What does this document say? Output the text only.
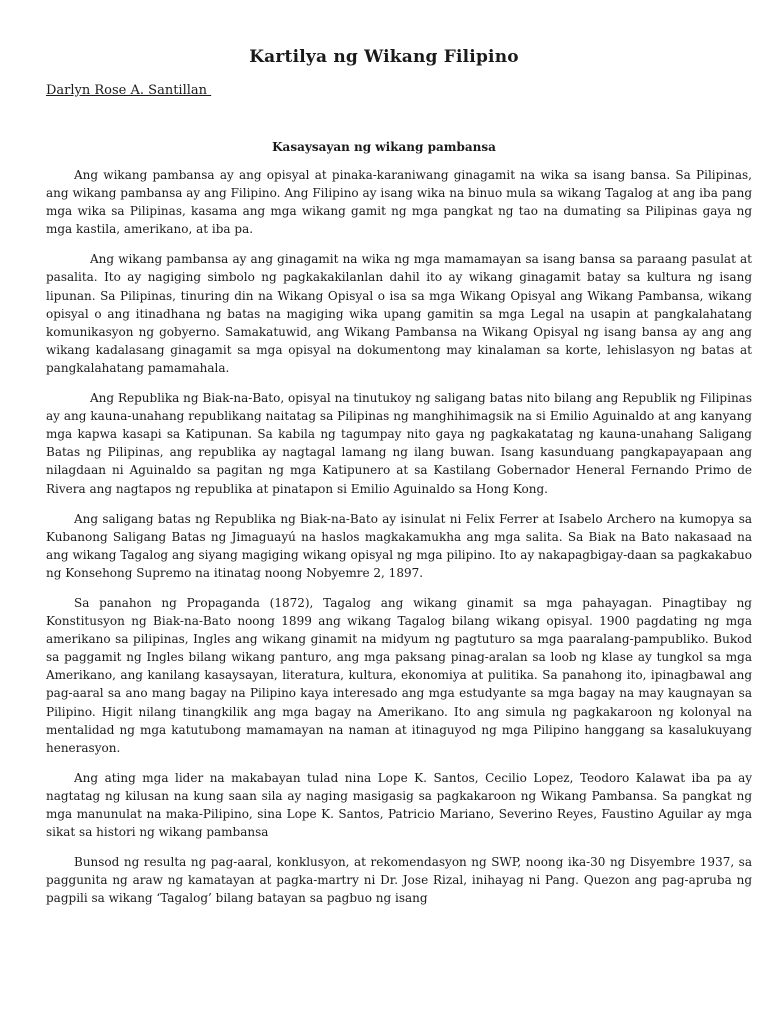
Kartilya ng Wikang Filipino
Darlyn Rose A. Santillan
Kasaysayan ng wikang pambansa

Ang wikang pambansa ay ang opisyal at pinaka-karaniwang ginagamit na wika sa isang bansa. Sa Pilipinas, ang wikang pambansa ay ang Filipino. Ang Filipino ay isang wika na binuo mula sa wikang Tagalog at ang iba pang mga wika sa Pilipinas, kasama ang mga wikang gamit ng mga pangkat ng tao na dumating sa Pilipinas gaya ng mga kastila, amerikano, at iba pa.

Ang wikang pambansa ay ang ginagamit na wika ng mga mamamayan sa isang bansa sa paraang pasulat at pasalita. Ito ay nagiging simbolo ng pagkakakilanlan dahil ito ay wikang ginagamit batay sa kultura ng isang lipunan. Sa Pilipinas, tinuring din na Wikang Opisyal o isa sa mga Wikang Opisyal ang Wikang Pambansa, wikang opisyal o ang itinadhana ng batas na magiging wika upang gamitin sa mga Legal na usapin at pangkalahatang komunikasyon ng gobyerno. Samakatuwid, ang Wikang Pambansa na Wikang Opisyal ng isang bansa ay ang ang wikang kadalasang ginagamit sa mga opisyal na dokumentong may kinalaman sa korte, lehislasyon ng batas at pangkalahatang pamamahala.

Ang Republika ng Biak-na-Bato, opisyal na tinutukoy ng saligang batas nito bilang ang Republik ng Filipinas ay ang kauna-unahang republikang naitatag sa Pilipinas ng manghihimagsik na si Emilio Aguinaldo at ang kanyang mga kapwa kasapi sa Katipunan. Sa kabila ng tagumpay nito gaya ng pagkakatatag ng kauna-unahang Saligang Batas ng Pilipinas, ang republika ay nagtagal lamang ng ilang buwan. Isang kasunduang pangkapayapaan ang nilagdaan ni Aguinaldo sa pagitan ng mga Katipunero at sa Kastilang Gobernador Heneral Fernando Primo de Rivera ang nagtapos ng republika at pinatapon si Emilio Aguinaldo sa Hong Kong.

Ang saligang batas ng Republika ng Biak-na-Bato ay isinulat ni Felix Ferrer at Isabelo Archero na kumopya sa Kubanong Saligang Batas ng Jimaguayú na haslos magkakamukha ang mga salita. Sa Biak na Bato nakasaad na ang wikang Tagalog ang siyang magiging wikang opisyal ng mga pilipino. Ito ay nakapagbigay-daan sa pagkakabuo ng Konsehong Supremo na itinatag noong Nobyemre 2, 1897.

Sa panahon ng Propaganda (1872), Tagalog ang wikang ginamit sa mga pahayagan. Pinagtibay ng Konstitusyon ng Biak-na-Bato noong 1899 ang wikang Tagalog bilang wikang opisyal. 1900 pagdating ng mga amerikano sa pilipinas, Ingles ang wikang ginamit na midyum ng pagtuturo sa mga paaralang-pampubliko. Bukod sa paggamit ng Ingles bilang wikang panturo, ang mga paksang pinag-aralan sa loob ng klase ay tungkol sa mga Amerikano, ang kanilang kasaysayan, literatura, kultura, ekonomiya at pulitika. Sa panahong ito, ipinagbawal ang pag-aaral sa ano mang bagay na Pilipino kaya interesado ang mga estudyante sa mga bagay na may kaugnayan sa Pilipino. Higit nilang tinangkilik ang mga bagay na Amerikano. Ito ang simula ng pagkakaroon ng kolonyal na mentalidad ng mga katutubong mamamayan na naman at itinaguyod ng mga Pilipino hanggang sa kasalukuyang henerasyon.

Ang ating mga lider na makabayan tulad nina Lope K. Santos, Cecilio Lopez, Teodoro Kalawat iba pa ay nagtatag ng kilusan na kung saan sila ay naging masigasig sa pagkakaroon ng Wikang Pambansa. Sa pangkat ng mga manunulat na maka-Pilipino, sina Lope K. Santos, Patricio Mariano, Severino Reyes, Faustino Aguilar ay mga sikat sa histori ng wikang pambansa

Bunsod ng resulta ng pag-aaral, konklusyon, at rekomendasyon ng SWP, noong ika-30 ng Disyembre 1937, sa paggunita ng araw ng kamatayan at pagka-martry ni Dr. Jose Rizal, inihayag ni Pang. Quezon ang pag-apruba ng pagpili sa wikang ‘Tagalog’ bilang batayan sa pagbuo ng isang
